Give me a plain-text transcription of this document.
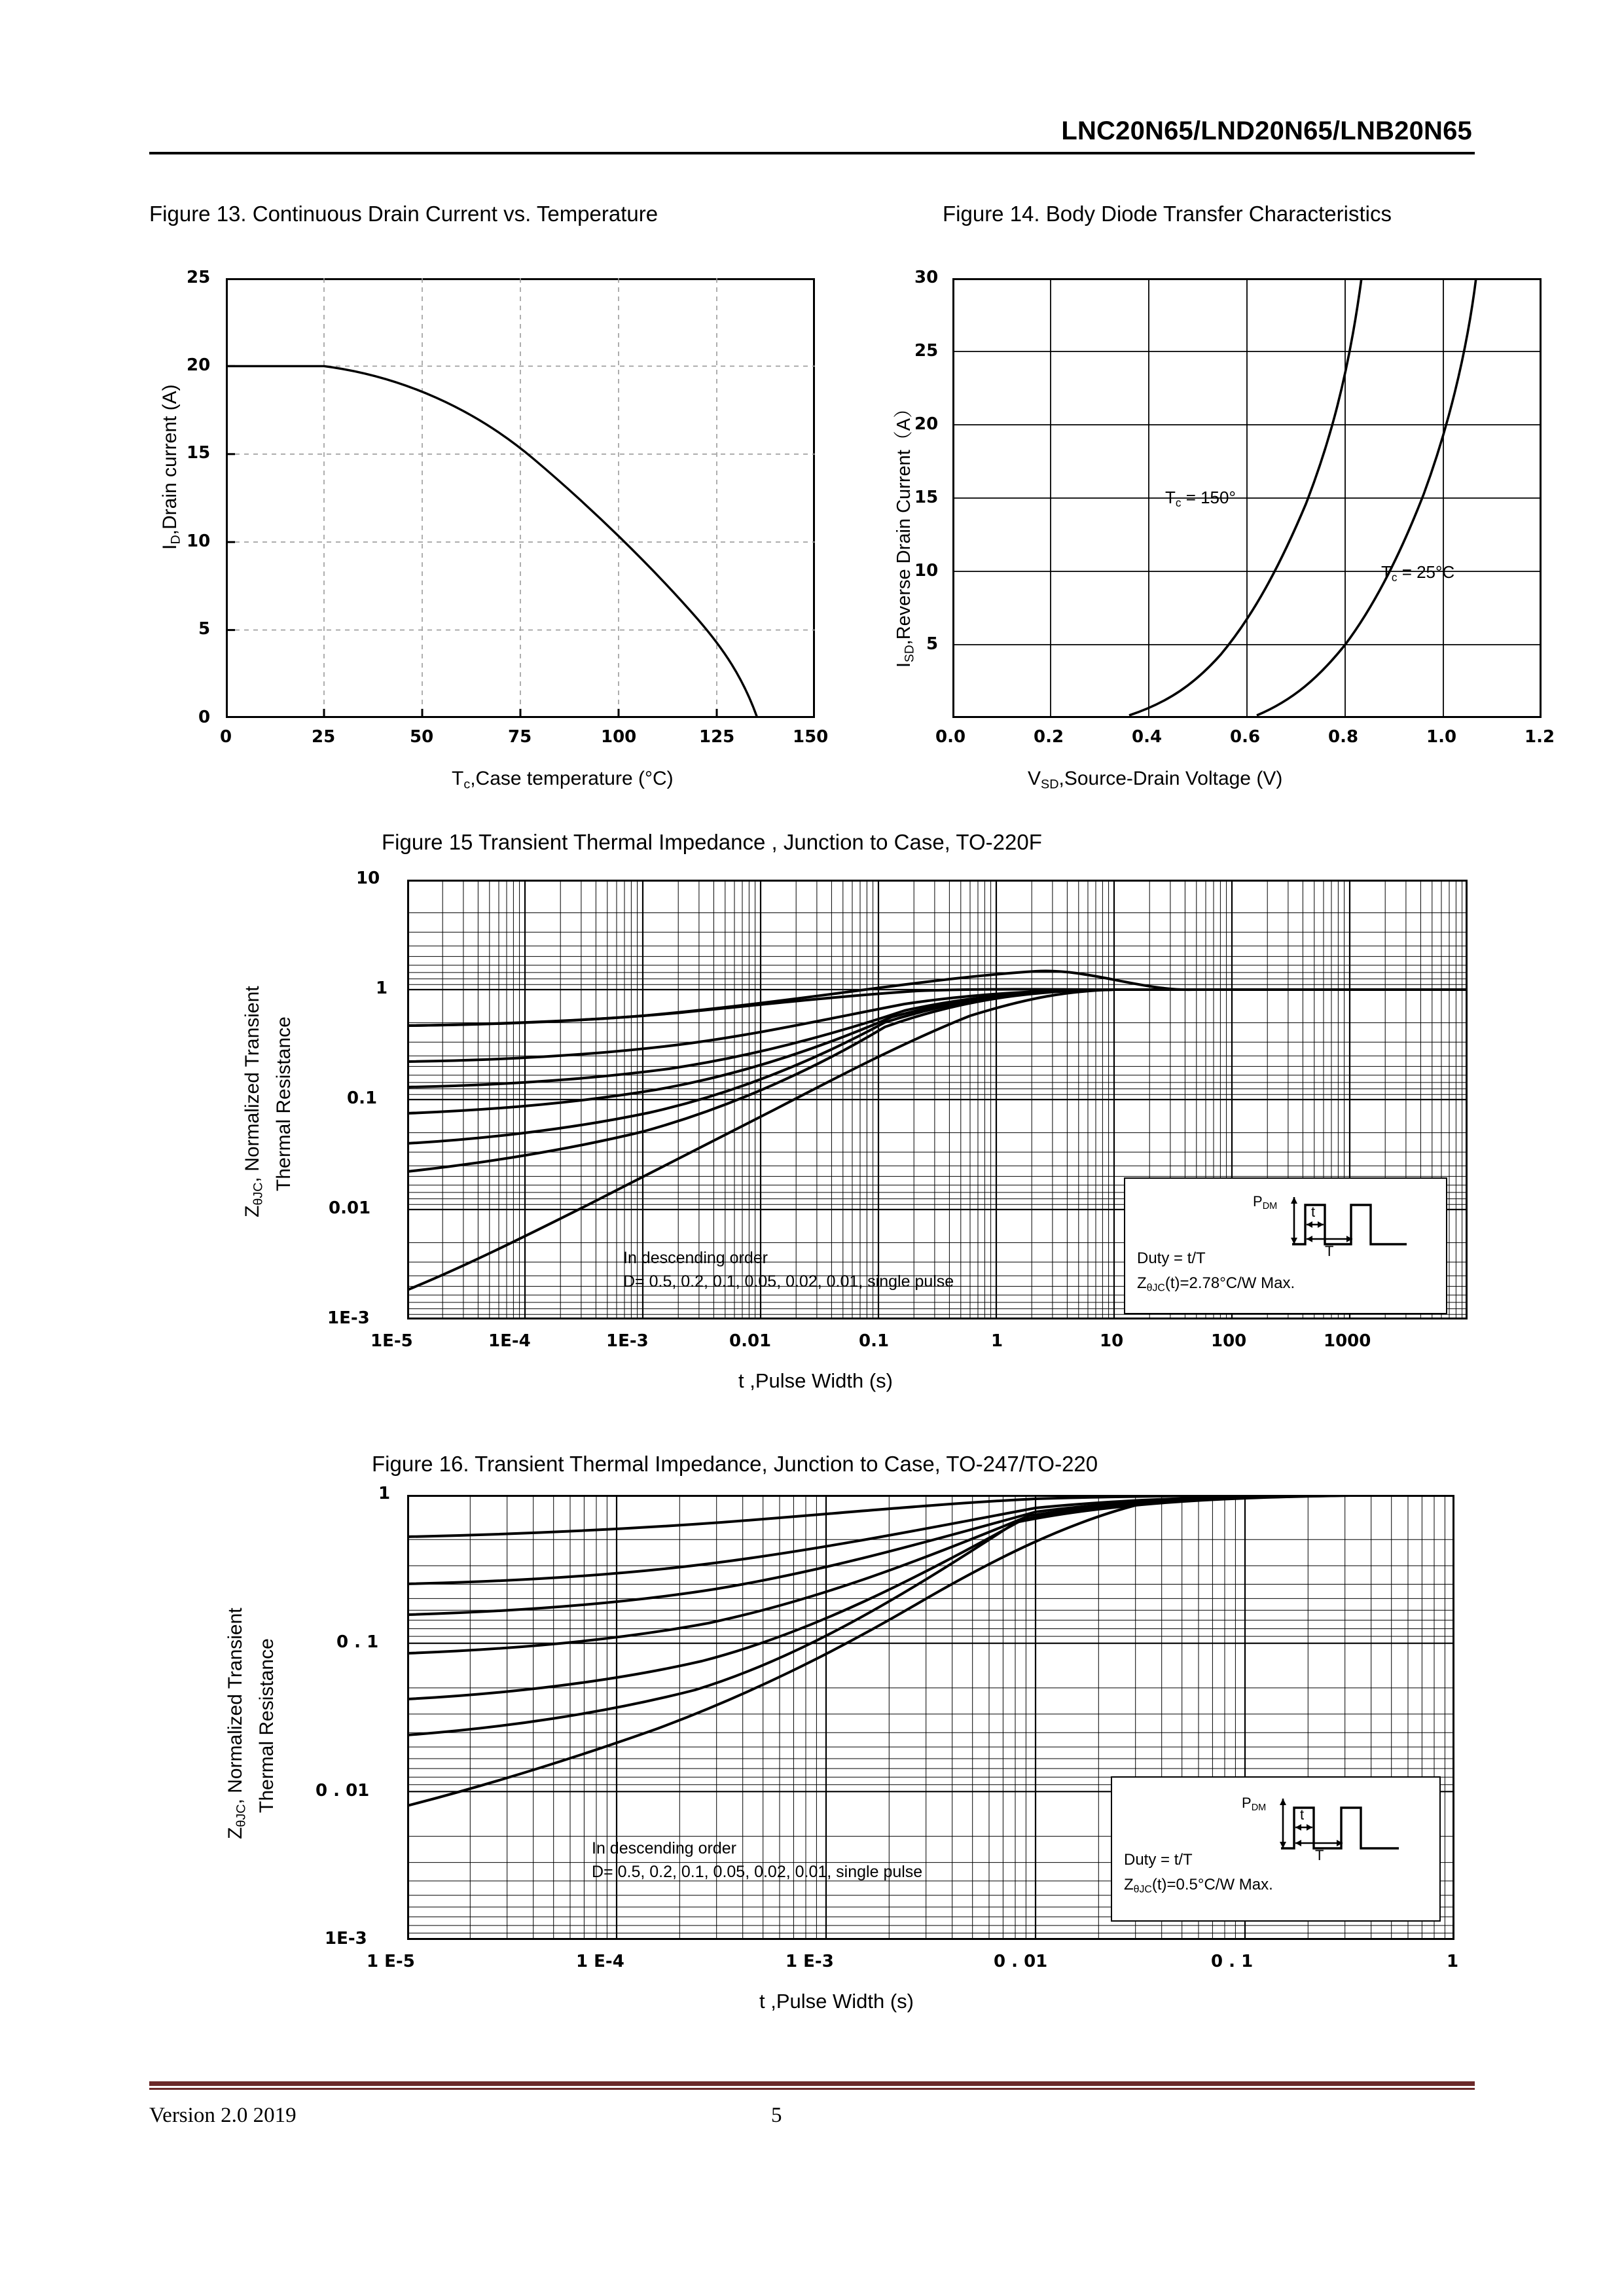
LNC20N65/LND20N65/LNB20N65
Figure 13. Continuous Drain Current vs. Temperature
25
20
15
10
5
0
0	25	50	75	100	125	150
$I_D,Drain$ current (A)
$T_c,Case$ temperature (°C)
Figure 14. Body Diode Transfer Characteristics
$T_c = 150^\circ$
$T_c = 25^\circ C$
30
25
20
15
10
5
0.0	0.2	0.4	0.6	0.8	1.0	1.2
$I_{SD},Reverse$ Drain Current（A）
$V_{SD},Source$-Drain Voltage (V)
Figure 15 Transient Thermal Impedance , Junction to Case, TO-220F
In descending order
D= 0.5, 0.2, 0.1, 0.05, 0.02, 0.01, single pulse
$P_{DM}$ t
T
Duty = t/T
$Z_{\theta JC}(t)=2.78^\circ C/W$ Max.
10
1
0.1
0.01
1E-3
1E-5	1E-4	1E-3	0.01	0.1	1	10	100	1000
$Z_{\theta JC}$, Normalized Transient Thermal Resistance
t ,Pulse Width (s)
Figure 16. Transient Thermal Impedance, Junction to Case, TO-247/TO-220
In descending order
D= 0.5, 0.2, 0.1, 0.05, 0.02, 0.01, single pulse
$P_{DM}$ t
T
Duty = t/T
$Z_{\theta JC}(t)=0.5^\circ C/W$ Max.
1
0 . 1
0 . 01
1E-3
1 E-5	1 E-4	1 E-3	0 . 01	0 . 1	1
$Z_{\theta JC}$, Normalized Transient Thermal Resistance
t ,Pulse Width (s)
Version 2.0 2019	5
